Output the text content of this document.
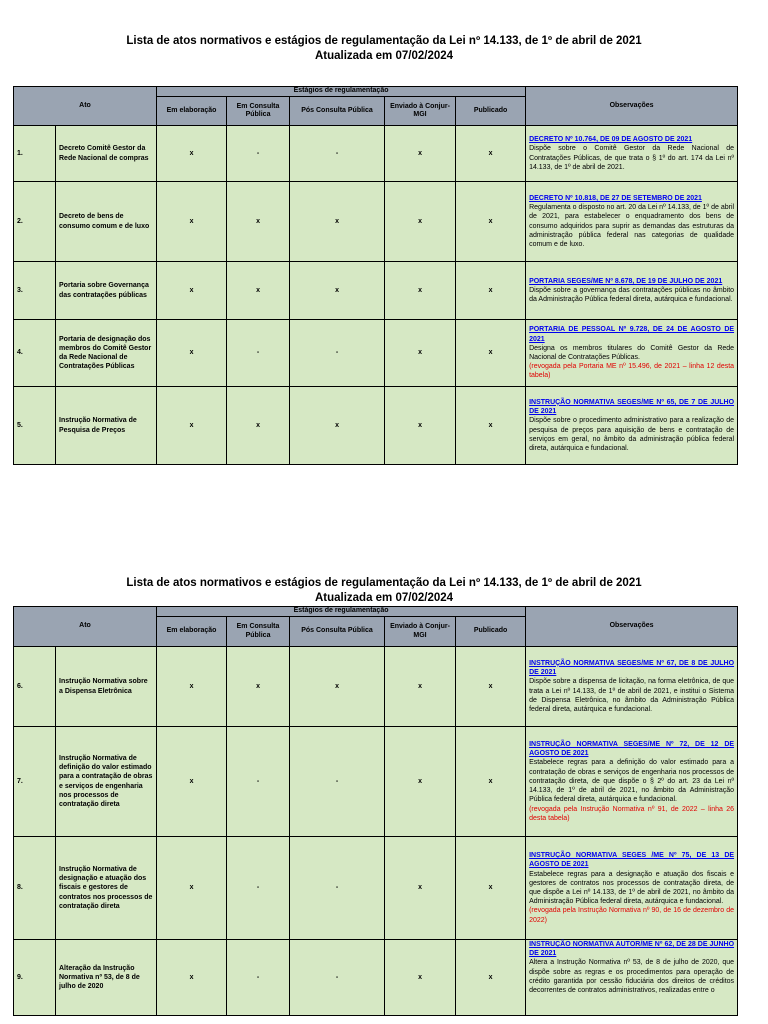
Lista de atos normativos e estágios de regulamentação da Lei nº 14.133, de 1º de abril de 2021
Atualizada em 07/02/2024
Ato		Estágios de regulamentação					Observações
		Em elaboração	Em Consulta Pública	Pós Consulta Pública	Enviado à Conjur-MGI	Publicado	
1.	Decreto Comitê Gestor da Rede Nacional de compras	x	-	-	x	x	DECRETO Nº 10.764, DE 09 DE AGOSTO DE 2021
Dispõe sobre o Comitê Gestor da Rede Nacional de Contratações Públicas, de que trata o § 1º do art. 174 da Lei nº 14.133, de 1º de abril de 2021.

2.	Decreto de bens de consumo comum e de luxo	x	x	x	x	x	DECRETO Nº 10.818, DE 27 DE SETEMBRO DE 2021
Regulamenta o disposto no art. 20 da Lei nº 14.133, de 1º de abril de 2021, para estabelecer o enquadramento dos bens de consumo adquiridos para suprir as demandas das estruturas da administração pública federal nas categorias de qualidade comum e de luxo.

3.	Portaria sobre Governança das contratações públicas	x	x	x	x	x	PORTARIA SEGES/ME Nº 8.678, DE 19 DE JULHO DE 2021
Dispõe sobre a governança das contratações públicas no âmbito da Administração Pública federal direta, autárquica e fundacional.

4.	Portaria de designação dos membros do Comitê Gestor da Rede Nacional de Contratações Públicas	x	-	-	x	x	PORTARIA DE PESSOAL Nº 9.728, DE 24 DE AGOSTO DE 2021
Designa os membros titulares do Comitê Gestor da Rede Nacional de Contratações Públicas.
(revogada pela Portaria ME nº 15.496, de 2021 – linha 12 desta tabela)

5.	Instrução Normativa de Pesquisa de Preços	x	x	x	x	x	INSTRUÇÃO NORMATIVA SEGES/ME Nº 65, DE 7 DE JULHO DE 2021
Dispõe sobre o procedimento administrativo para a realização de pesquisa de preços para aquisição de bens e contratação de serviços em geral, no âmbito da administração pública federal direta, autárquica e fundacional.
Lista de atos normativos e estágios de regulamentação da Lei nº 14.133, de 1º de abril de 2021
Atualizada em 07/02/2024
Ato		Estágios de regulamentação					Observações
		Em elaboração	Em Consulta Pública	Pós Consulta Pública	Enviado à Conjur-MGI	Publicado	
6.	Instrução Normativa sobre a Dispensa Eletrônica	x	x	x	x	x	INSTRUÇÃO NORMATIVA SEGES/ME Nº 67, DE 8 DE JULHO DE 2021
Dispõe sobre a dispensa de licitação, na forma eletrônica, de que trata a Lei nº 14.133, de 1º de abril de 2021, e institui o Sistema de Dispensa Eletrônica, no âmbito da Administração Pública federal direta, autárquica e fundacional.

7.	Instrução Normativa de definição do valor estimado para a contratação de obras e serviços de engenharia nos processos de contratação direta	x	-	-	x	x	INSTRUÇÃO NORMATIVA SEGES/ME Nº 72, DE 12 DE AGOSTO DE 2021
Estabelece regras para a definição do valor estimado para a contratação de obras e serviços de engenharia nos processos de contratação direta, de que dispõe o § 2º do art. 23 da Lei nº 14.133, de 1º de abril de 2021, no âmbito da Administração Pública federal direta, autárquica e fundacional.
(revogada pela Instrução Normativa nº 91, de 2022 – linha 26 desta tabela)

8.	Instrução Normativa de designação e atuação dos fiscais e gestores de contratos nos processos de contratação direta	x	-	-	x	x	INSTRUÇÃO NORMATIVA SEGES /ME Nº 75, DE 13 DE AGOSTO DE 2021
Estabelece regras para a designação e atuação dos fiscais e gestores de contratos nos processos de contratação direta, de que dispõe a Lei nº 14.133, de 1º de abril de 2021, no âmbito da Administração Pública federal direta, autárquica e fundacional.
(revogada pela Instrução Normativa nº 90, de 16 de dezembro de 2022)

9.	Alteração da Instrução Normativa nº 53, de 8 de julho de 2020	x	-	-	x	x	INSTRUÇÃO NORMATIVA AUTOR/ME Nº 62, DE 28 DE JUNHO DE 2021
Altera a Instrução Normativa nº 53, de 8 de julho de 2020, que dispõe sobre as regras e os procedimentos para operação de crédito garantida por cessão fiduciária dos direitos de créditos decorrentes de contratos administrativos, realizadas entre o
